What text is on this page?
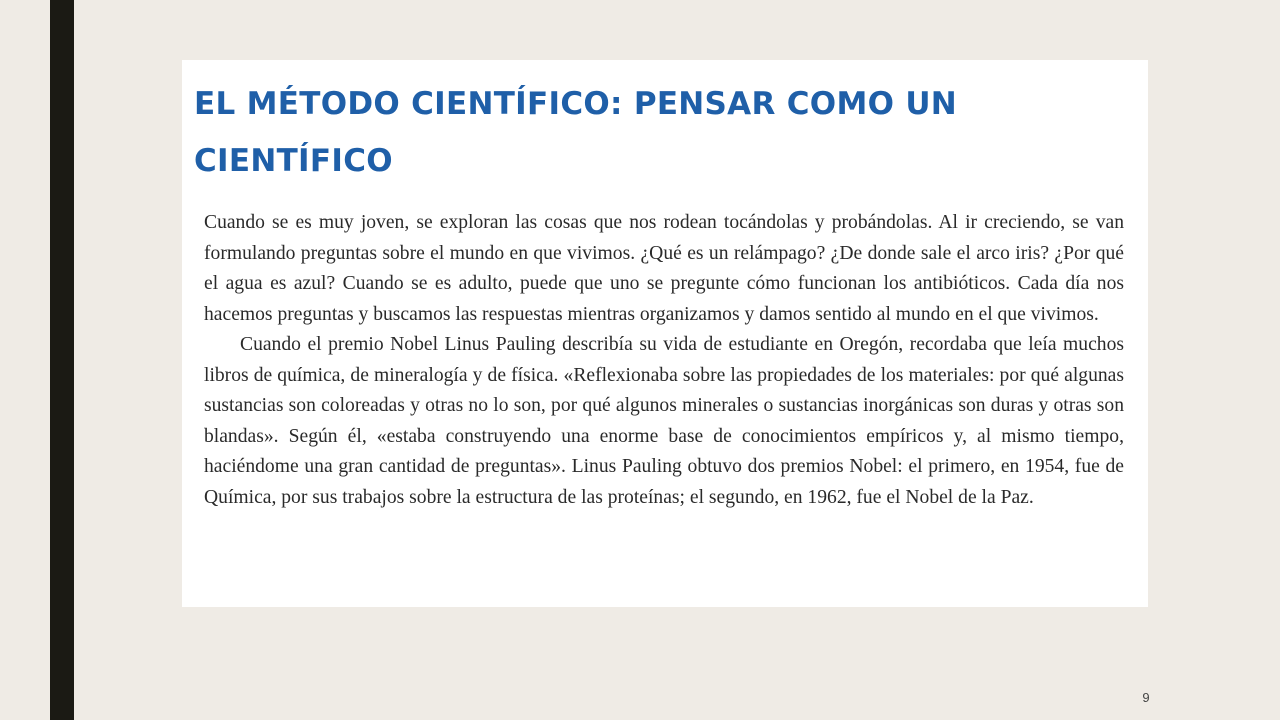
EL MÉTODO CIENTÍFICO: PENSAR COMO UN CIENTÍFICO

Cuando se es muy joven, se exploran las cosas que nos rodean tocándolas y probándolas. Al ir creciendo, se van formulando preguntas sobre el mundo en que vivimos. ¿Qué es un relámpago? ¿De donde sale el arco iris? ¿Por qué el agua es azul? Cuando se es adulto, puede que uno se pregunte cómo funcionan los antibióticos. Cada día nos hacemos preguntas y buscamos las respuestas mientras organizamos y damos sentido al mundo en el que vivimos.

Cuando el premio Nobel Linus Pauling describía su vida de estudiante en Oregón, recordaba que leía muchos libros de química, de mineralogía y de física. «Reflexionaba sobre las propiedades de los materiales: por qué algunas sustancias son coloreadas y otras no lo son, por qué algunos minerales o sustancias inorgánicas son duras y otras son blandas». Según él, «estaba construyendo una enorme base de conocimientos empíricos y, al mismo tiempo, haciéndome una gran cantidad de preguntas». Linus Pauling obtuvo dos premios Nobel: el primero, en 1954, fue de Química, por sus trabajos sobre la estructura de las proteínas; el segundo, en 1962, fue el Nobel de la Paz.

9
